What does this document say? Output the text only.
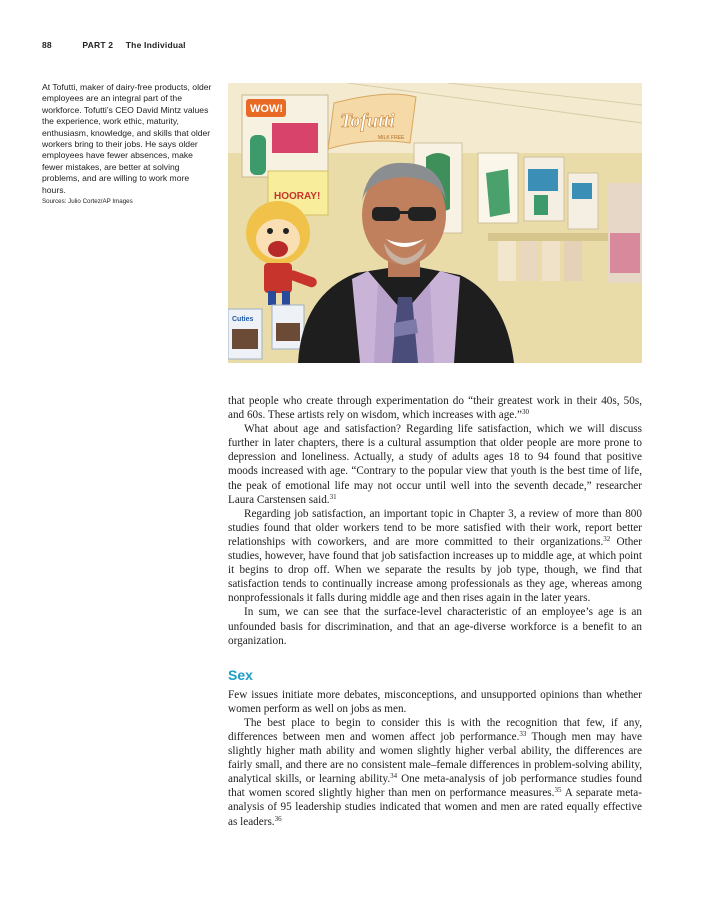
88	PART 2 The Individual
At Tofutti, maker of dairy-free products, older employees are an integral part of the workforce. Tofutti’s CEO David Mintz values the experience, work ethic, maturity, enthusiasm, knowledge, and skills that older workers bring to their jobs. He says older employees have fewer absences, make fewer mistakes, are better at solving problems, and are willing to work more hours.
Sources: Julio Cortez/AP Images
WOW!
HOORAY!
Tofutti
MILK FREE
Cuties

that people who create through experimentation do “their greatest work in their 40s, 50s, and 60s. These artists rely on wisdom, which increases with age.”$^{30}$

What about age and satisfaction? Regarding life satisfaction, which we will discuss further in later chapters, there is a cultural assumption that older people are more prone to depression and loneliness. Actually, a study of adults ages 18 to 94 found that positive moods increased with age. “Contrary to the popular view that youth is the best time of life, the peak of emotional life may not occur until well into the seventh decade,” researcher Laura Carstensen said.$^{31}$

Regarding job satisfaction, an important topic in Chapter 3, a review of more than 800 studies found that older workers tend to be more satisfied with their work, report better relationships with coworkers, and are more committed to their organizations.$^{32}$ Other studies, however, have found that job satisfaction increases up to middle age, at which point it begins to drop off. When we separate the results by job type, though, we find that satisfaction tends to continually increase among professionals as they age, whereas among nonprofessionals it falls during middle age and then rises again in the later years.

In sum, we can see that the surface-level characteristic of an employee’s age is an unfounded basis for discrimination, and that an age-diverse workforce is a benefit to an organization.

Sex

Few issues initiate more debates, misconceptions, and unsupported opinions than whether women perform as well on jobs as men.

The best place to begin to consider this is with the recognition that few, if any, differences between men and women affect job performance.$^{33}$ Though men may have slightly higher math ability and women slightly higher verbal ability, the differences are fairly small, and there are no consistent male–female differences in problem-solving ability, analytical skills, or learning ability.$^{34}$ One meta-analysis of job performance studies found that women scored slightly higher than men on performance measures.$^{35}$ A separate meta-analysis of 95 leadership studies indicated that women and men are rated equally effective as leaders.$^{36}$
